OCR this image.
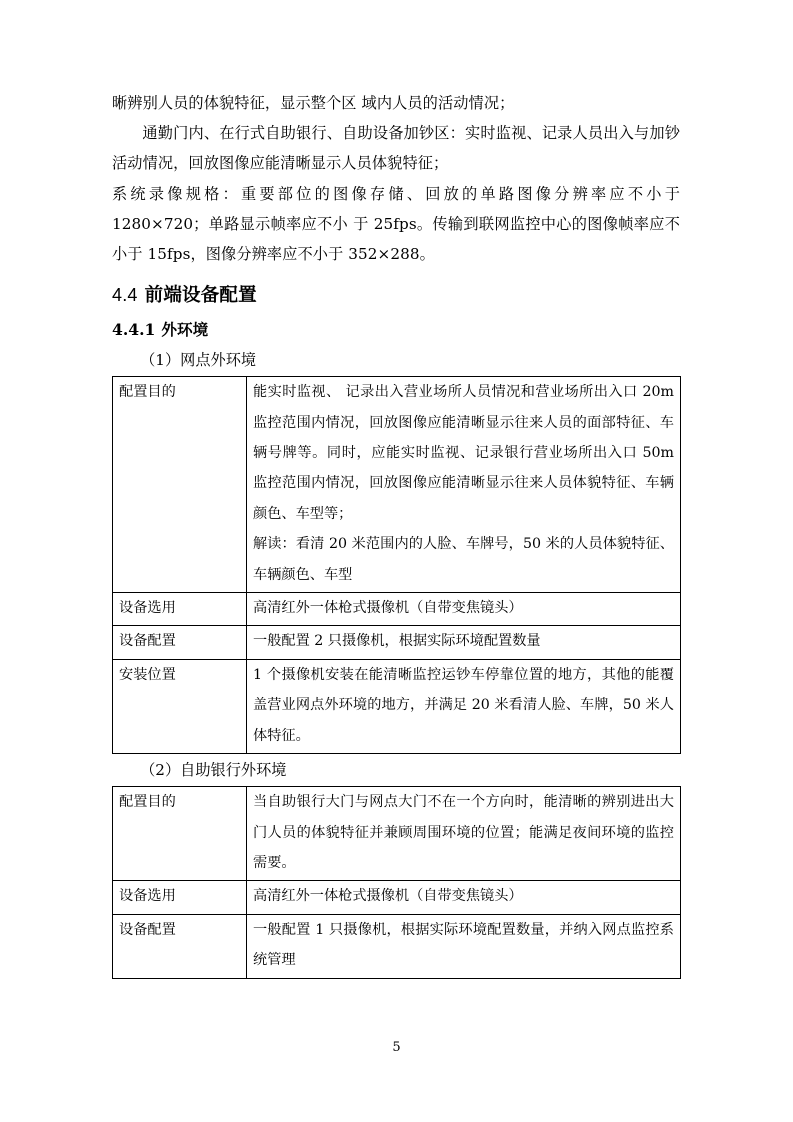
晰辨别人员的体貌特征，显示整个区 域内人员的活动情况；

通勤门内、在行式自助银行、自助设备加钞区：实时监视、记录人员出入与加钞活动情况，回放图像应能清晰显示人员体貌特征；

系统录像规格：重要部位的图像存储、回放的单路图像分辨率应不小于 1280×720；单路显示帧率应不小 于 25fps。传输到联网监控中心的图像帧率应不小于 15fps，图像分辨率应不小于 352×288。

4.4 前端设备配置
4.4.1 外环境
（1）网点外环境
配置目的	能实时监视、 记录出入营业场所人员情况和营业场所出入口 20m 监控范围内情况，回放图像应能清晰显示往来人员的面部特征、车辆号牌等。同时，应能实时监视、记录银行营业场所出入口 50m 监控范围内情况，回放图像应能清晰显示往来人员体貌特征、车辆颜色、车型等；
解读：看清 20 米范围内的人脸、车牌号，50 米的人员体貌特征、车辆颜色、车型

设备选用	高清红外一体枪式摄像机（自带变焦镜头）

设备配置	一般配置 2 只摄像机，根据实际环境配置数量

安装位置	1 个摄像机安装在能清晰监控运钞车停靠位置的地方，其他的能覆盖营业网点外环境的地方，并满足 20 米看清人脸、车牌，50 米人体特征。
（2）自助银行外环境
配置目的	当自助银行大门与网点大门不在一个方向时，能清晰的辨别进出大门人员的体貌特征并兼顾周围环境的位置；能满足夜间环境的监控需要。

设备选用	高清红外一体枪式摄像机（自带变焦镜头）

设备配置	一般配置 1 只摄像机，根据实际环境配置数量，并纳入网点监控系统管理
5
